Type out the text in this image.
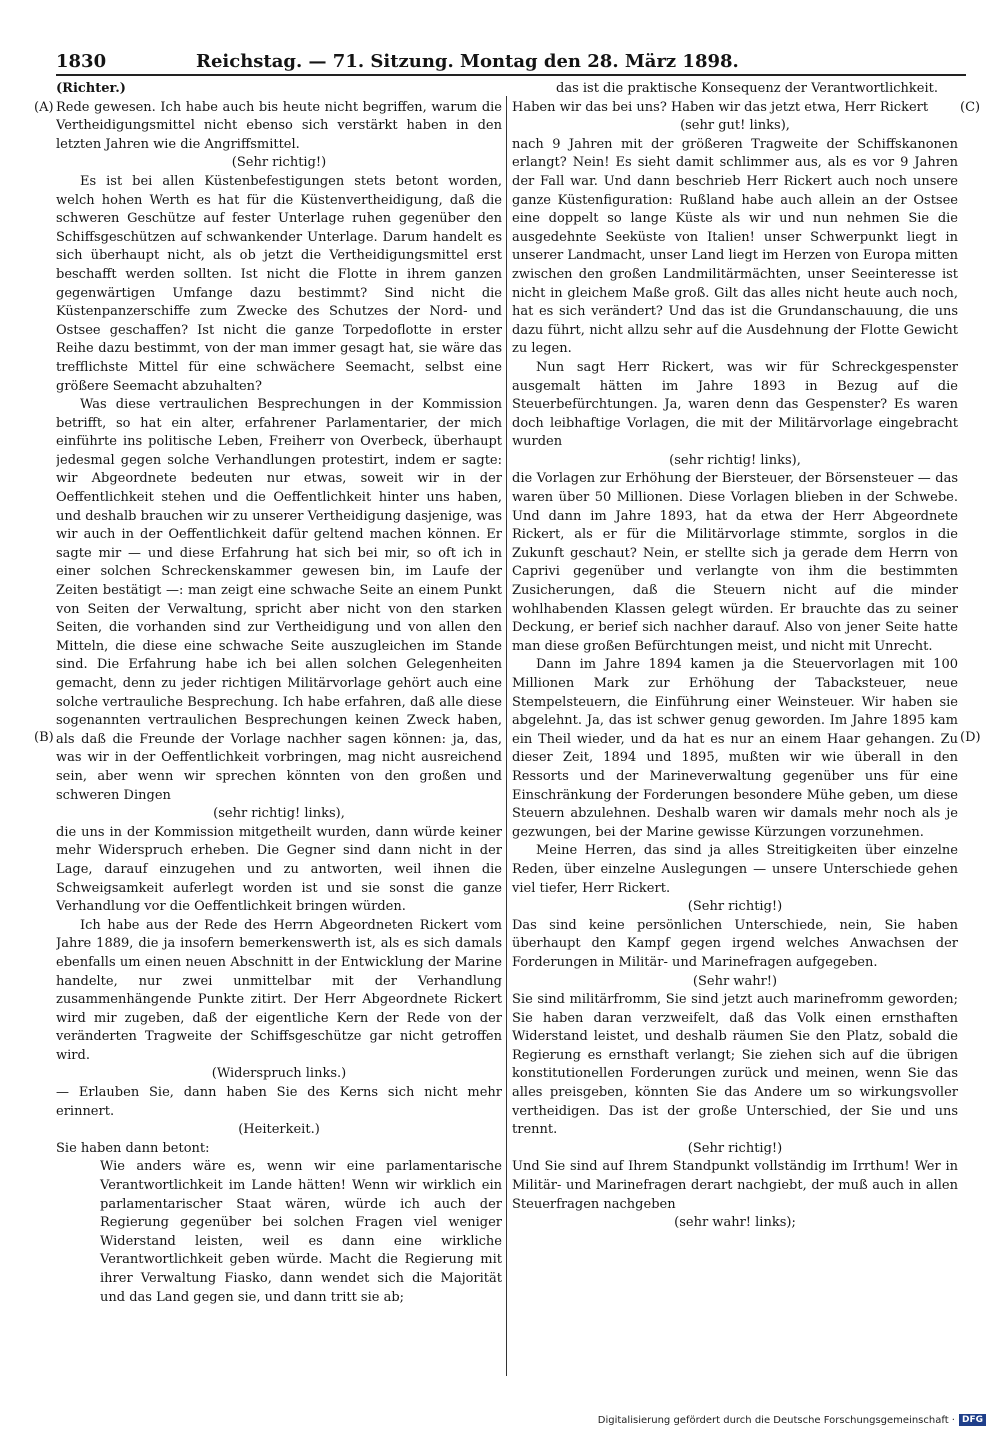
1830	Reichstag. — 71. Sitzung. Montag den 28. März 1898.
(A)
(B)
(C)
(D)

(Richter.)

Rede gewesen. Ich habe auch bis heute nicht begriffen, warum die Vertheidigungsmittel nicht ebenso sich verstärkt haben in den letzten Jahren wie die Angriffsmittel.

(Sehr richtig!)

Es ist bei allen Küstenbefestigungen stets betont worden, welch hohen Werth es hat für die Küstenvertheidigung, daß die schweren Geschütze auf fester Unterlage ruhen gegenüber den Schiffsgeschützen auf schwankender Unterlage. Darum handelt es sich überhaupt nicht, als ob jetzt die Vertheidigungsmittel erst beschafft werden sollten. Ist nicht die Flotte in ihrem ganzen gegenwärtigen Umfange dazu bestimmt? Sind nicht die Küstenpanzerschiffe zum Zwecke des Schutzes der Nord- und Ostsee geschaffen? Ist nicht die ganze Torpedoflotte in erster Reihe dazu bestimmt, von der man immer gesagt hat, sie wäre das trefflichste Mittel für eine schwächere Seemacht, selbst eine größere Seemacht abzuhalten?

Was diese vertraulichen Besprechungen in der Kommission betrifft, so hat ein alter, erfahrener Parlamentarier, der mich einführte ins politische Leben, Freiherr von Overbeck, überhaupt jedesmal gegen solche Verhandlungen protestirt, indem er sagte: wir Abgeordnete bedeuten nur etwas, soweit wir in der Oeffentlichkeit stehen und die Oeffentlichkeit hinter uns haben, und deshalb brauchen wir zu unserer Vertheidigung dasjenige, was wir auch in der Oeffentlichkeit dafür geltend machen können. Er sagte mir — und diese Erfahrung hat sich bei mir, so oft ich in einer solchen Schreckenskammer gewesen bin, im Laufe der Zeiten bestätigt —: man zeigt eine schwache Seite an einem Punkt von Seiten der Verwaltung, spricht aber nicht von den starken Seiten, die vorhanden sind zur Vertheidigung und von allen den Mitteln, die diese eine schwache Seite auszugleichen im Stande sind. Die Erfahrung habe ich bei allen solchen Gelegenheiten gemacht, denn zu jeder richtigen Militärvorlage gehört auch eine solche vertrauliche Besprechung. Ich habe erfahren, daß alle diese sogenannten vertraulichen Besprechungen keinen Zweck haben, als daß die Freunde der Vorlage nachher sagen können: ja, das, was wir in der Oeffentlichkeit vorbringen, mag nicht ausreichend sein, aber wenn wir sprechen könnten von den großen und schweren Dingen

(sehr richtig! links),

die uns in der Kommission mitgetheilt wurden, dann würde keiner mehr Widerspruch erheben. Die Gegner sind dann nicht in der Lage, darauf einzugehen und zu antworten, weil ihnen die Schweigsamkeit auferlegt worden ist und sie sonst die ganze Verhandlung vor die Oeffentlichkeit bringen würden.

Ich habe aus der Rede des Herrn Abgeordneten Rickert vom Jahre 1889, die ja insofern bemerkenswerth ist, als es sich damals ebenfalls um einen neuen Abschnitt in der Entwicklung der Marine handelte, nur zwei unmittelbar mit der Verhandlung zusammenhängende Punkte zitirt. Der Herr Abgeordnete Rickert wird mir zugeben, daß der eigentliche Kern der Rede von der veränderten Tragweite der Schiffsgeschütze gar nicht getroffen wird.

(Widerspruch links.)

— Erlauben Sie, dann haben Sie des Kerns sich nicht mehr erinnert.

(Heiterkeit.)

Sie haben dann betont:

Wie anders wäre es, wenn wir eine parlamentarische Verantwortlichkeit im Lande hätten! Wenn wir wirklich ein parlamentarischer Staat wären, würde ich auch der Regierung gegenüber bei solchen Fragen viel weniger Widerstand leisten, weil es dann eine wirkliche Verantwortlichkeit geben würde. Macht die Regierung mit ihrer Verwaltung Fiasko, dann wendet sich die Majorität und das Land gegen sie, und dann tritt sie ab;

das ist die praktische Konsequenz der Verantwortlichkeit.

Haben wir das bei uns? Haben wir das jetzt etwa, Herr Rickert

(sehr gut! links),

nach 9 Jahren mit der größeren Tragweite der Schiffskanonen erlangt? Nein! Es sieht damit schlimmer aus, als es vor 9 Jahren der Fall war. Und dann beschrieb Herr Rickert auch noch unsere ganze Küstenfiguration: Rußland habe auch allein an der Ostsee eine doppelt so lange Küste als wir und nun nehmen Sie die ausgedehnte Seeküste von Italien! unser Schwerpunkt liegt in unserer Landmacht, unser Land liegt im Herzen von Europa mitten zwischen den großen Landmilitärmächten, unser Seeinteresse ist nicht in gleichem Maße groß. Gilt das alles nicht heute auch noch, hat es sich verändert? Und das ist die Grundanschauung, die uns dazu führt, nicht allzu sehr auf die Ausdehnung der Flotte Gewicht zu legen.

Nun sagt Herr Rickert, was wir für Schreckgespenster ausgemalt hätten im Jahre 1893 in Bezug auf die Steuerbefürchtungen. Ja, waren denn das Gespenster? Es waren doch leibhaftige Vorlagen, die mit der Militärvorlage eingebracht wurden

(sehr richtig! links),

die Vorlagen zur Erhöhung der Biersteuer, der Börsensteuer — das waren über 50 Millionen. Diese Vorlagen blieben in der Schwebe. Und dann im Jahre 1893, hat da etwa der Herr Abgeordnete Rickert, als er für die Militärvorlage stimmte, sorglos in die Zukunft geschaut? Nein, er stellte sich ja gerade dem Herrn von Caprivi gegenüber und verlangte von ihm die bestimmten Zusicherungen, daß die Steuern nicht auf die minder wohlhabenden Klassen gelegt würden. Er brauchte das zu seiner Deckung, er berief sich nachher darauf. Also von jener Seite hatte man diese großen Befürchtungen meist, und nicht mit Unrecht.

Dann im Jahre 1894 kamen ja die Steuervorlagen mit 100 Millionen Mark zur Erhöhung der Tabacksteuer, neue Stempelsteuern, die Einführung einer Weinsteuer. Wir haben sie abgelehnt. Ja, das ist schwer genug geworden. Im Jahre 1895 kam ein Theil wieder, und da hat es nur an einem Haar gehangen. Zu dieser Zeit, 1894 und 1895, mußten wir wie überall in den Ressorts und der Marineverwaltung gegenüber uns für eine Einschränkung der Forderungen besondere Mühe geben, um diese Steuern abzulehnen. Deshalb waren wir damals mehr noch als je gezwungen, bei der Marine gewisse Kürzungen vorzunehmen.

Meine Herren, das sind ja alles Streitigkeiten über einzelne Reden, über einzelne Auslegungen — unsere Unterschiede gehen viel tiefer, Herr Rickert.

(Sehr richtig!)

Das sind keine persönlichen Unterschiede, nein, Sie haben überhaupt den Kampf gegen irgend welches Anwachsen der Forderungen in Militär- und Marinefragen aufgegeben.

(Sehr wahr!)

Sie sind militärfromm, Sie sind jetzt auch marinefromm geworden; Sie haben daran verzweifelt, daß das Volk einen ernsthaften Widerstand leistet, und deshalb räumen Sie den Platz, sobald die Regierung es ernsthaft verlangt; Sie ziehen sich auf die übrigen konstitutionellen Forderungen zurück und meinen, wenn Sie das alles preisgeben, könnten Sie das Andere um so wirkungsvoller vertheidigen. Das ist der große Unterschied, der Sie und uns trennt.

(Sehr richtig!)

Und Sie sind auf Ihrem Standpunkt vollständig im Irrthum! Wer in Militär- und Marinefragen derart nachgiebt, der muß auch in allen Steuerfragen nachgeben

(sehr wahr! links);

Digitalisierung gefördert durch die Deutsche Forschungsgemeinschaft · DFG
